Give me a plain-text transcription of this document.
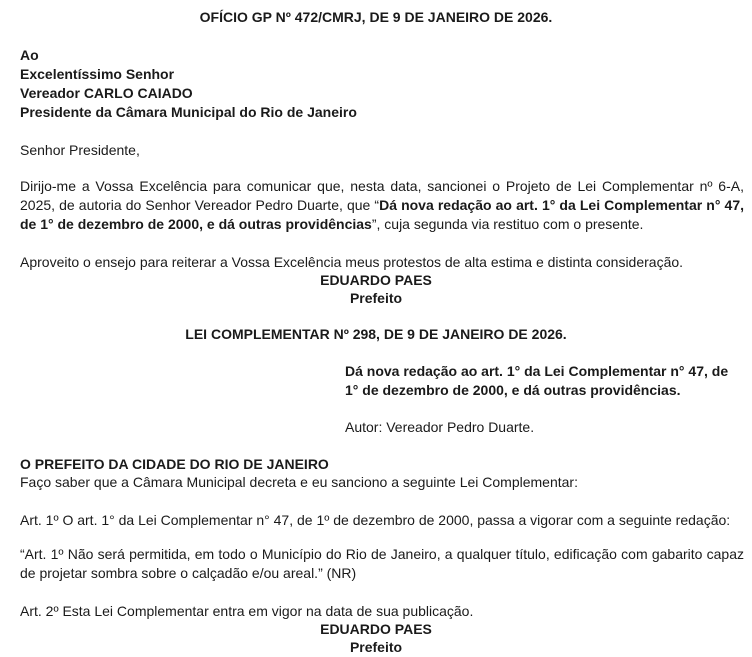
OFÍCIO GP Nº 472/CMRJ, DE 9 DE JANEIRO DE 2026.
Ao
Excelentíssimo Senhor
Vereador CARLO CAIADO
Presidente da Câmara Municipal do Rio de Janeiro
Senhor Presidente,
Dirijo-me a Vossa Excelência para comunicar que, nesta data, sancionei o Projeto de Lei Complementar nº 6-A, 2025, de autoria do Senhor Vereador Pedro Duarte, que “Dá nova redação ao art. 1° da Lei Complementar n° 47, de 1° de dezembro de 2000, e dá outras providências”, cuja segunda via restituo com o presente.
Aproveito o ensejo para reiterar a Vossa Excelência meus protestos de alta estima e distinta consideração.
EDUARDO PAES
Prefeito
LEI COMPLEMENTAR Nº 298, DE 9 DE JANEIRO DE 2026.
Dá nova redação ao art. 1° da Lei Complementar n° 47, de
1° de dezembro de 2000, e dá outras providências.
Autor: Vereador Pedro Duarte.
O PREFEITO DA CIDADE DO RIO DE JANEIRO
Faço saber que a Câmara Municipal decreta e eu sanciono a seguinte Lei Complementar:
Art. 1º O art. 1° da Lei Complementar n° 47, de 1º de dezembro de 2000, passa a vigorar com a seguinte redação:
“Art. 1º Não será permitida, em todo o Município do Rio de Janeiro, a qualquer título, edificação com gabarito capaz de projetar sombra sobre o calçadão e/ou areal.” (NR)
Art. 2º Esta Lei Complementar entra em vigor na data de sua publicação.
EDUARDO PAES
Prefeito
